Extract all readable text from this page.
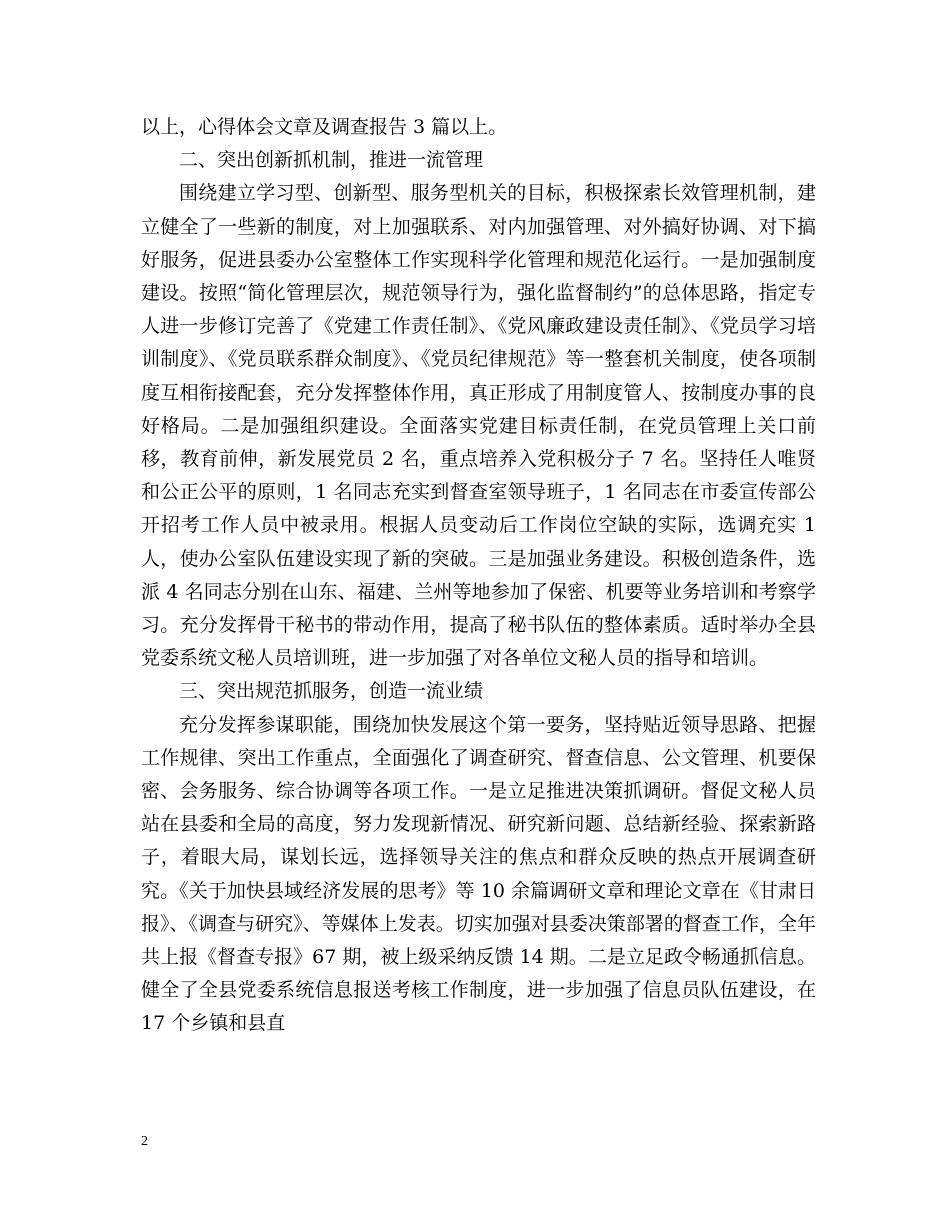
以上，心得体会文章及调查报告 3 篇以上。

二、突出创新抓机制，推进一流管理

围绕建立学习型、创新型、服务型机关的目标，积极探索长效管理机制，建立健全了一些新的制度，对上加强联系、对内加强管理、对外搞好协调、对下搞好服务，促进县委办公室整体工作实现科学化管理和规范化运行。一是加强制度建设。按照“简化管理层次，规范领导行为，强化监督制约”的总体思路，指定专人进一步修订完善了《党建工作责任制》、《党风廉政建设责任制》、《党员学习培训制度》、《党员联系群众制度》、《党员纪律规范》等一整套机关制度，使各项制度互相衔接配套，充分发挥整体作用，真正形成了用制度管人、按制度办事的良好格局。二是加强组织建设。全面落实党建目标责任制，在党员管理上关口前移，教育前伸，新发展党员 2 名，重点培养入党积极分子 7 名。坚持任人唯贤和公正公平的原则，1 名同志充实到督查室领导班子，1 名同志在市委宣传部公开招考工作人员中被录用。根据人员变动后工作岗位空缺的实际，选调充实 1 人，使办公室队伍建设实现了新的突破。三是加强业务建设。积极创造条件，选派 4 名同志分别在山东、福建、兰州等地参加了保密、机要等业务培训和考察学习。充分发挥骨干秘书的带动作用，提高了秘书队伍的整体素质。适时举办全县党委系统文秘人员培训班，进一步加强了对各单位文秘人员的指导和培训。

三、突出规范抓服务，创造一流业绩

充分发挥参谋职能，围绕加快发展这个第一要务，坚持贴近领导思路、把握工作规律、突出工作重点，全面强化了调查研究、督查信息、公文管理、机要保密、会务服务、综合协调等各项工作。一是立足推进决策抓调研。督促文秘人员站在县委和全局的高度，努力发现新情况、研究新问题、总结新经验、探索新路子，着眼大局，谋划长远，选择领导关注的焦点和群众反映的热点开展调查研究。《关于加快县域经济发展的思考》等 10 余篇调研文章和理论文章在《甘肃日报》、《调查与研究》、等媒体上发表。切实加强对县委决策部署的督查工作，全年共上报《督查专报》67 期，被上级采纳反馈 14 期。二是立足政令畅通抓信息。健全了全县党委系统信息报送考核工作制度，进一步加强了信息员队伍建设，在 17 个乡镇和县直

2
